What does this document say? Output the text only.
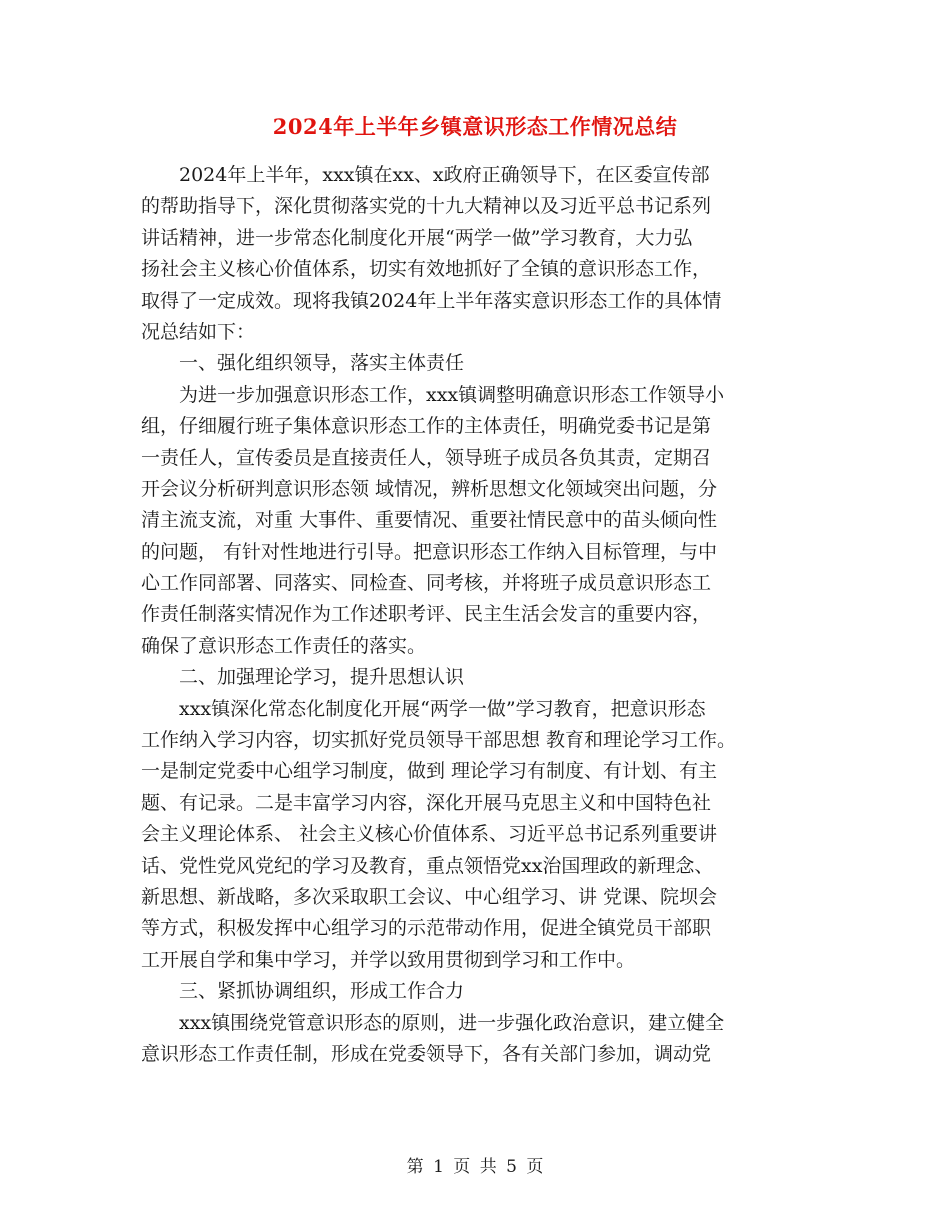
2024年上半年乡镇意识形态工作情况总结
　　2024年上半年，xxx镇在xx、x政府正确领导下，在区委宣传部
的帮助指导下，深化贯彻落实党的十九大精神以及习近平总书记系列
讲话精神，进一步常态化制度化开展“两学一做”学习教育，大力弘
扬社会主义核心价值体系，切实有效地抓好了全镇的意识形态工作，
取得了一定成效。现将我镇2024年上半年落实意识形态工作的具体情
况总结如下：
　　一、强化组织领导，落实主体责任
　　为进一步加强意识形态工作，xxx镇调整明确意识形态工作领导小
组，仔细履行班子集体意识形态工作的主体责任，明确党委书记是第
一责任人，宣传委员是直接责任人，领导班子成员各负其责，定期召
开会议分析研判意识形态领 域情况，辨析思想文化领域突出问题，分
清主流支流，对重 大事件、重要情况、重要社情民意中的苗头倾向性
的问题， 有针对性地进行引导。把意识形态工作纳入目标管理，与中
心工作同部署、同落实、同检查、同考核，并将班子成员意识形态工
作责任制落实情况作为工作述职考评、民主生活会发言的重要内容，
确保了意识形态工作责任的落实。
　　二、加强理论学习，提升思想认识
　　xxx镇深化常态化制度化开展“两学一做”学习教育，把意识形态
工作纳入学习内容，切实抓好党员领导干部思想 教育和理论学习工作。
一是制定党委中心组学习制度，做到 理论学习有制度、有计划、有主
题、有记录。二是丰富学习内容，深化开展马克思主义和中国特色社
会主义理论体系、 社会主义核心价值体系、习近平总书记系列重要讲
话、党性党风党纪的学习及教育，重点领悟党xx治国理政的新理念、
新思想、新战略，多次采取职工会议、中心组学习、讲 党课、院坝会
等方式，积极发挥中心组学习的示范带动作用，促进全镇党员干部职
工开展自学和集中学习，并学以致用贯彻到学习和工作中。
　　三、紧抓协调组织，形成工作合力
　　xxx镇围绕党管意识形态的原则，进一步强化政治意识，建立健全
意识形态工作责任制，形成在党委领导下，各有关部门参加，调动党
第 1 页 共 5 页
